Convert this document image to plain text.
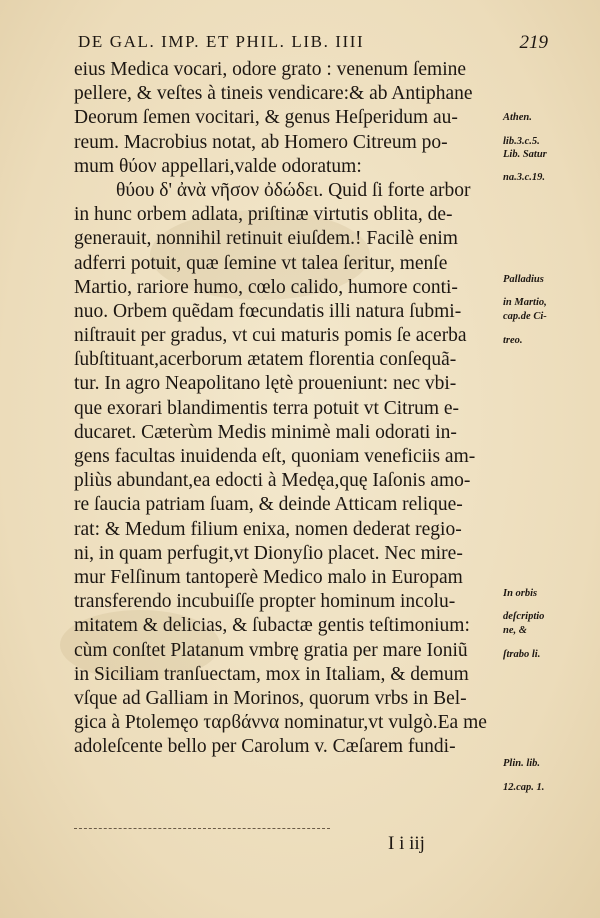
DE GAL. IMP. ET PHIL. LIB. IIII	219
eius Medica vocari, odore grato : venenum ſemine
pellere, & veſtes à tineis vendicare:& ab Antiphane
Deorum ſemen vocitari, & genus Heſperidum au-
reum. Macrobius notat, ab Homero Citreum po-
mum θύον appellari,valde odoratum:
θύου δ' ἀνὰ νῆσον ὀδώδει. Quid ſi forte arbor
in hunc orbem adlata, priſtinæ virtutis oblita, de-
generauit, nonnihil retinuit eiuſdem.! Facilè enim
adferri potuit, quæ ſemine vt talea ſeritur, menſe
Martio, rariore humo, cœlo calido, humore conti-
nuo. Orbem quẽdam fœcundatis illi natura ſubmi-
niſtrauit per gradus, vt cui maturis pomis ſe acerba
ſubſtituant,acerborum ætatem florentia conſequã-
tur. In agro Neapolitano lętè proueniunt: nec vbi-
que exorari blandimentis terra potuit vt Citrum e-
ducaret. Cæterùm Medis minimè mali odorati in-
gens facultas inuidenda eſt, quoniam veneficiis am-
pliùs abundant,ea edocti à Medęa,quę Iaſonis amo-
re ſaucia patriam ſuam, & deinde Atticam relique-
rat: & Medum filium enixa, nomen dederat regio-
ni, in quam perfugit,vt Dionyſio placet. Nec mire-
mur Felſinum tantoperè Medico malo in Europam
transferendo incubuiſſe propter hominum incolu-
mitatem & delicias, & ſubactæ gentis teſtimonium:
cùm conſtet Platanum vmbrę gratia per mare Ioniũ
in Siciliam tranſuectam, mox in Italiam, & demum
vſque ad Galliam in Morinos, quorum vrbs in Bel-
gica à Ptolemęo ταρϐάννα nominatur,vt vulgò.Ea me
adoleſcente bello per Carolum v. Cæſarem fundi-
Athen.
lib.3.c.5.
Lib. Satur
na.3.c.19.
Palladius
in Martio,
cap.de Ci-
treo.
In orbis
deſcriptio
ne, &
ſtrabo li.
Plin. lib.
12.cap. 1.
I i iij
